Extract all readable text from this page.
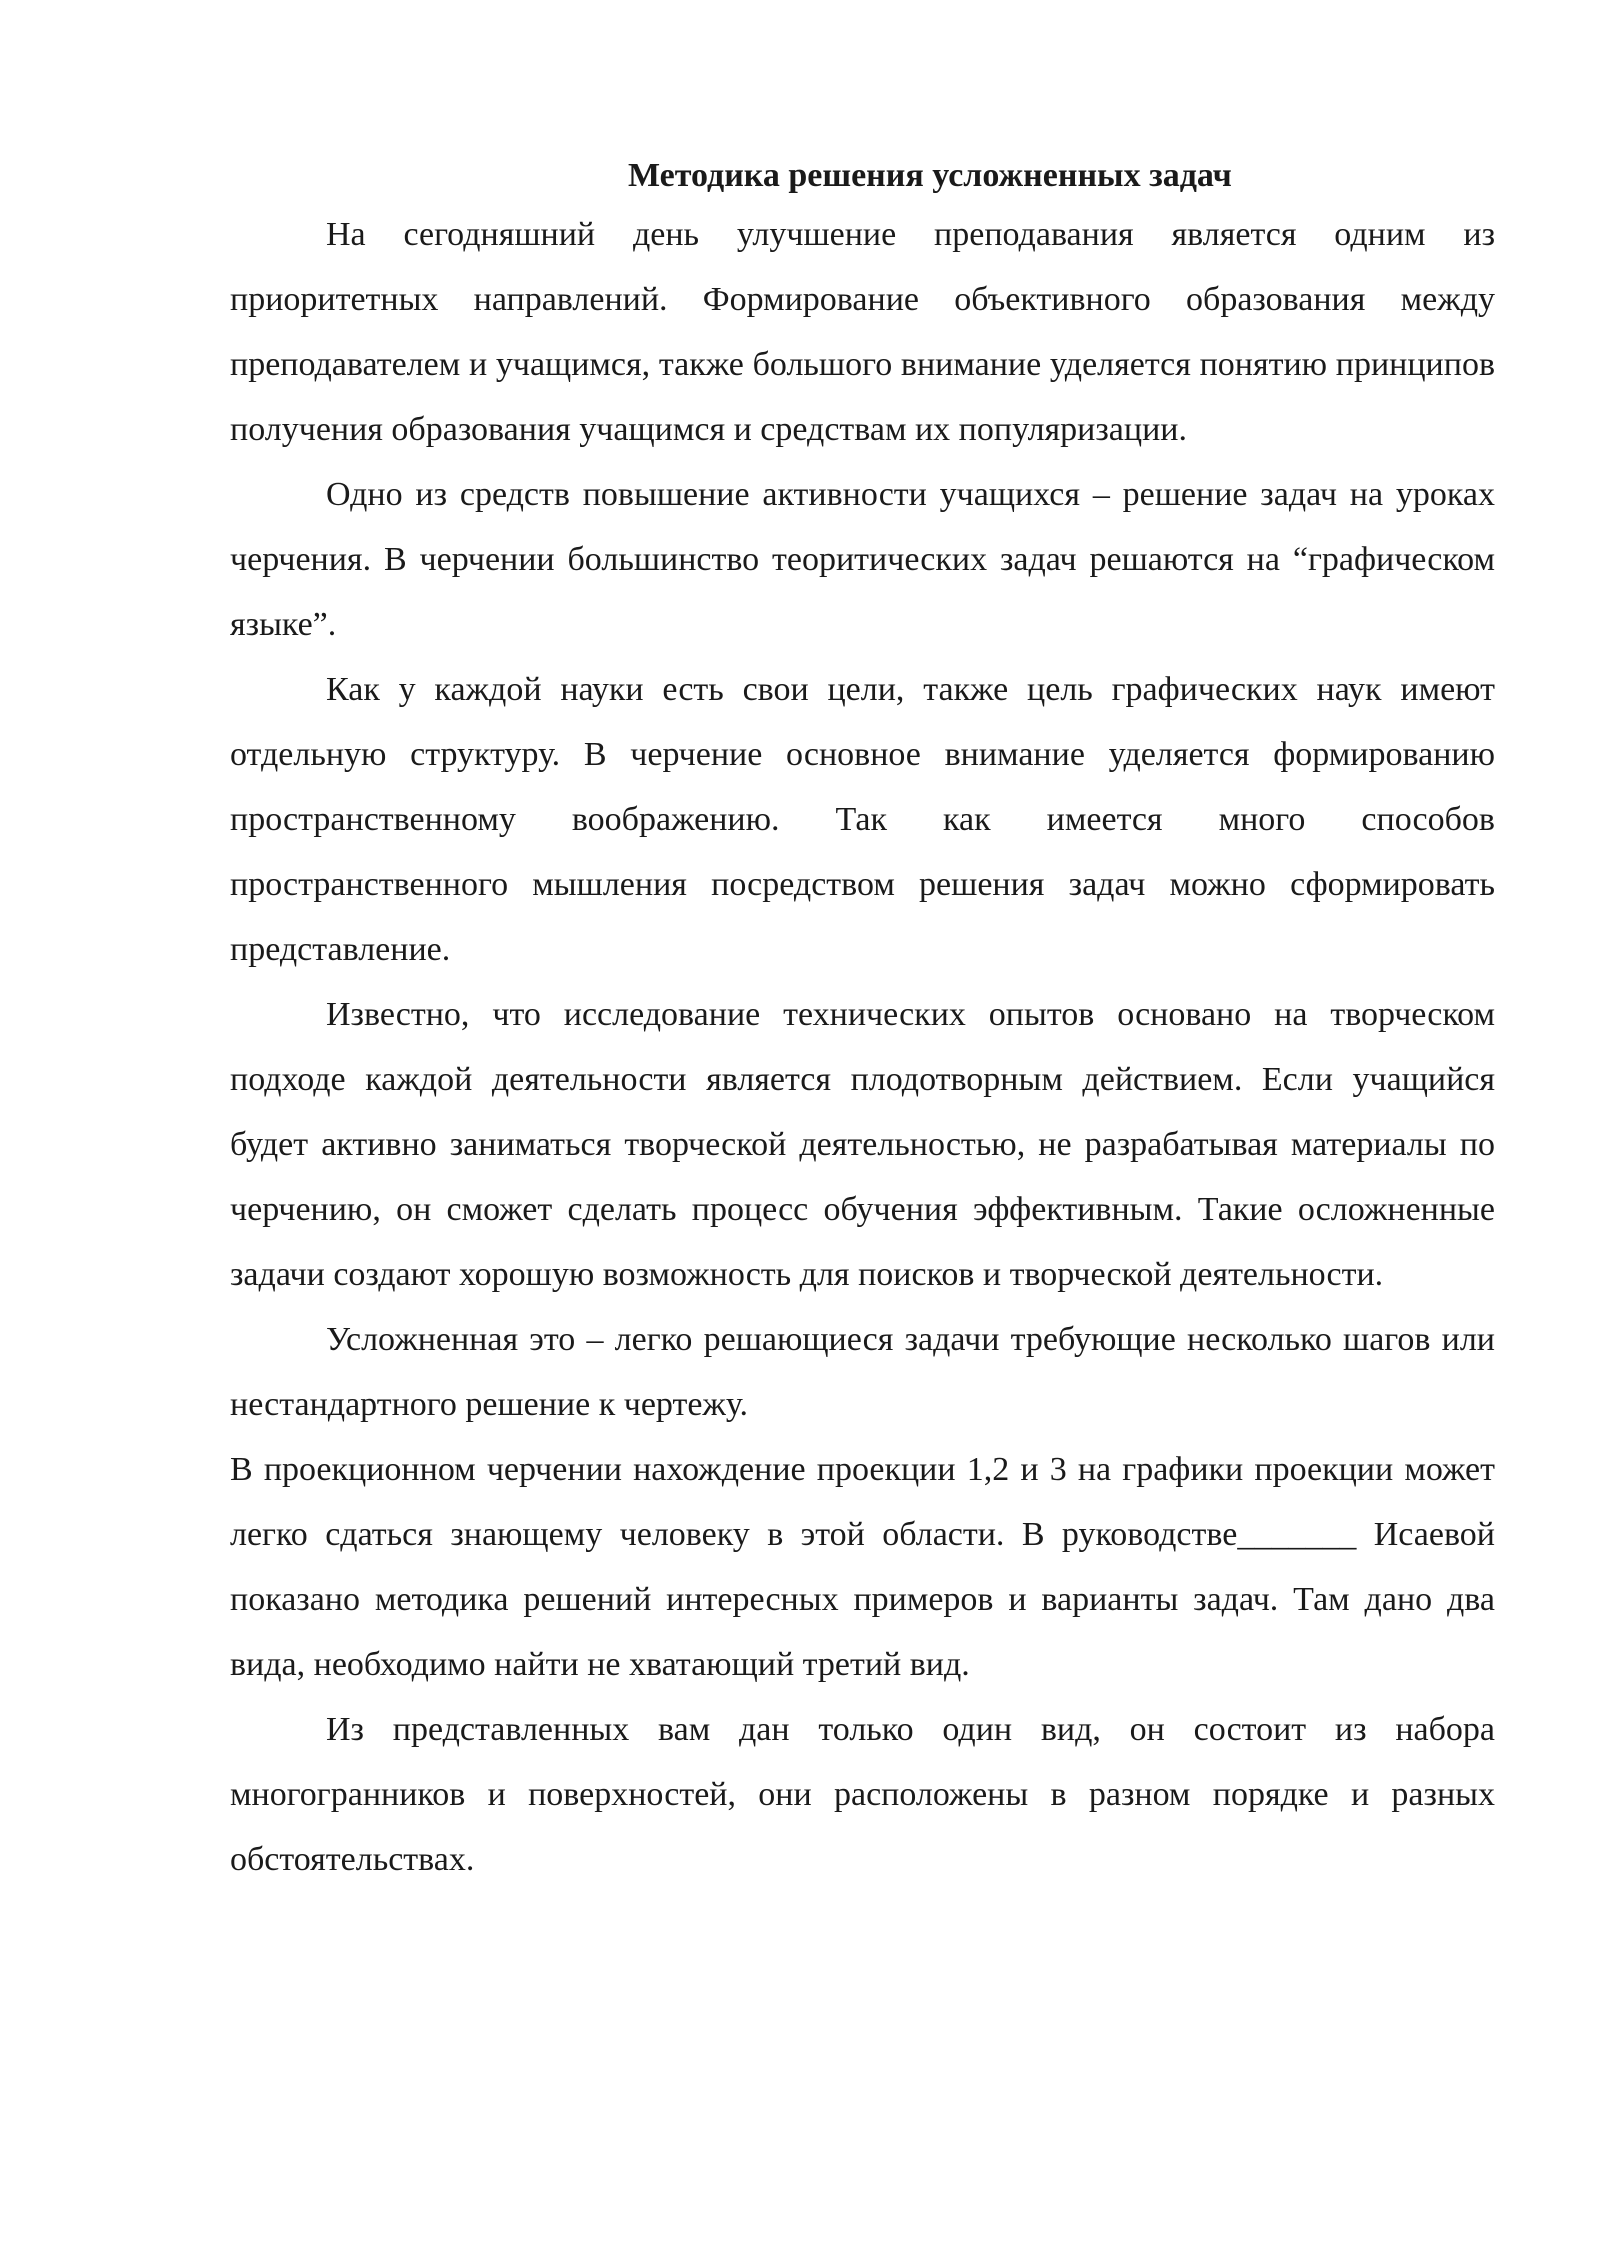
Методика решения усложненных задач

На сегодняшний день улучшение преподавания является одним из приоритетных направлений. Формирование объективного образования между преподавателем и учащимся, также большого внимание уделяется понятию принципов получения образования учащимся и средствам их популяризации.

Одно из средств повышение активности учащихся – решение задач на уроках черчения. В черчении большинство теоритических задач решаются на “графическом языке”.

Как у каждой науки есть свои цели, также цель графических наук имеют отдельную структуру. В черчение основное внимание уделяется формированию пространственному воображению. Так как имеется много способов пространственного мышления посредством решения задач можно сформировать представление.

Известно, что исследование технических опытов основано на творческом подходе каждой деятельности является плодотворным действием. Если учащийся будет активно заниматься творческой деятельностью, не разрабатывая материалы по черчению, он сможет сделать процесс обучения эффективным. Такие осложненные задачи создают хорошую возможность для поисков и творческой деятельности.

Усложненная это – легко решающиеся задачи требующие несколько шагов или нестандартного решение к чертежу.

В проекционном черчении нахождение проекции 1,2 и 3 на графики проекции может легко сдаться знающему человеку в этой области. В руководстве_______ Исаевой показано методика решений интересных примеров и варианты задач. Там дано два вида, необходимо найти не хватающий третий вид.

Из представленных вам дан только один вид, он состоит из набора многогранников и поверхностей, они расположены в разном порядке и разных обстоятельствах.
